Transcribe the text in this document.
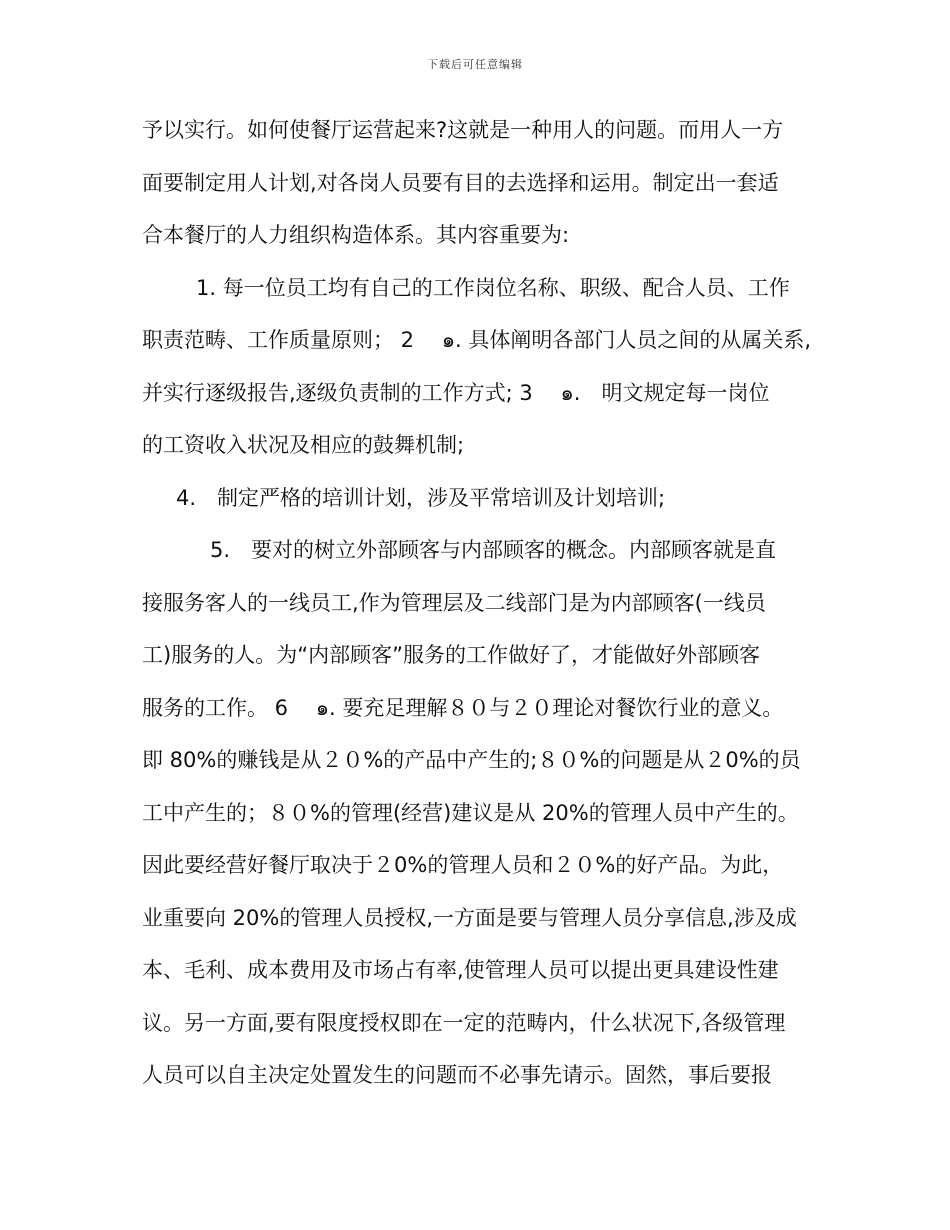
下载后可任意编辑
予以实行。如何使餐厅运营起来?这就是一种用人的问题。而用人一方
面要制定用人计划,对各岗人员要有目的去选择和运用。制定出一套适
合本餐厅的人力组织构造体系。其内容重要为:
1. 每一位员工均有自己的工作岗位名称、职级、配合人员、工作
职责范畴、工作质量原则； 2　 ๑. 具体阐明各部门人员之间的从属关系,
并实行逐级报告,逐级负责制的工作方式; 3　 ๑.　明文规定每一岗位
的工资收入状况及相应的鼓舞机制;
4.　制定严格的培训计划，涉及平常培训及计划培训;
5.　要对的树立外部顾客与内部顾客的概念。内部顾客就是直
接服务客人的一线员工,作为管理层及二线部门是为内部顾客(一线员
工)服务的人。为“内部顾客”服务的工作做好了，才能做好外部顾客
服务的工作。 6　 ๑. 要充足理解８０与２０理论对餐饮行业的意义。
即 80%的赚钱是从２０%的产品中产生的;８０%的问题是从２0%的员
工中产生的；８０%的管理(经营)建议是从 20%的管理人员中产生的。
因此要经营好餐厅取决于２0%的管理人员和２０%的好产品。为此，
业重要向 20%的管理人员授权,一方面是要与管理人员分享信息,涉及成
本、毛利、成本费用及市场占有率,使管理人员可以提出更具建设性建
议。另一方面,要有限度授权即在一定的范畴内，什么状况下,各级管理
人员可以自主决定处置发生的问题而不必事先请示。固然，事后要报
